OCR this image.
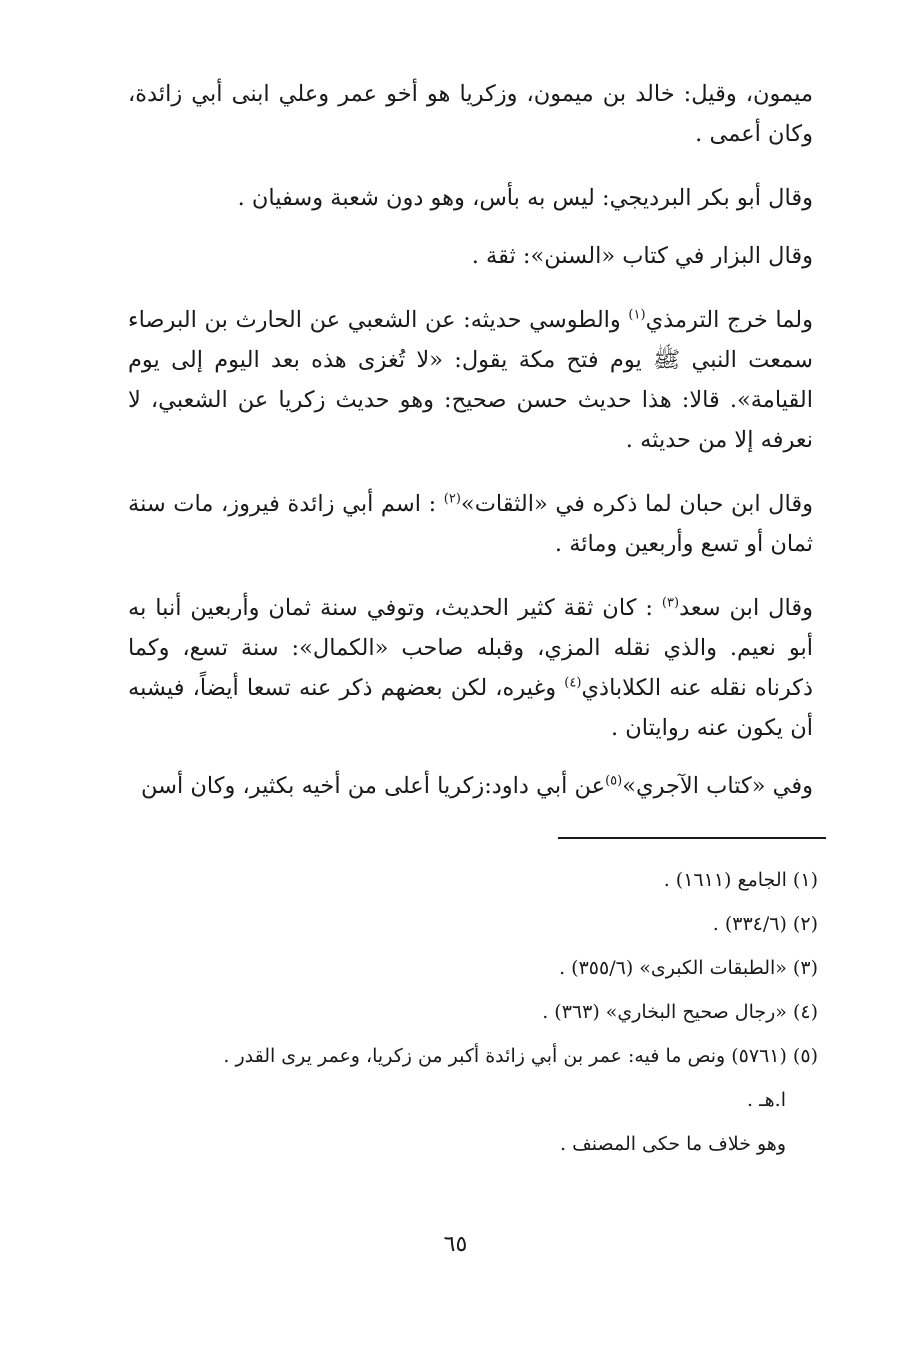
ميمون، وقيل: خالد بن ميمون، وزكريا هو أخو عمر وعلي ابنى أبي زائدة، وكان أعمى .

وقال أبو بكر البرديجي: ليس به بأس، وهو دون شعبة وسفيان .

وقال البزار في كتاب «السنن»: ثقة .

ولما خرج الترمذي$^{(١)}$ والطوسي حديثه: عن الشعبي عن الحارث بن البرصاء سمعت النبي ﷺ يوم فتح مكة يقول: «لا تُغزى هذه بعد اليوم إلى يوم القيامة». قالا: هذا حديث حسن صحيح: وهو حديث زكريا عن الشعبي، لا نعرفه إلا من حديثه .

وقال ابن حبان لما ذكره في «الثقات»$^{(٢)}$ : اسم أبي زائدة فيروز، مات سنة ثمان أو تسع وأربعين ومائة .

وقال ابن سعد$^{(٣)}$ : كان ثقة كثير الحديث، وتوفي سنة ثمان وأربعين أنبا به أبو نعيم. والذي نقله المزي، وقبله صاحب «الكمال»: سنة تسع، وكما ذكرناه نقله عنه الكلاباذي$^{(٤)}$ وغيره، لكن بعضهم ذكر عنه تسعا أيضاً، فيشبه أن يكون عنه روايتان .

وفي «كتاب الآجري»$^{(٥)}$عن أبي داود:زكريا أعلى من أخيه بكثير، وكان أسن

(١) الجامع (١٦١١) .

(٢) (٣٣٤/٦) .

(٣) «الطبقات الكبرى» (٣٥٥/٦) .

(٤) «رجال صحيح البخاري» (٣٦٣) .

(٥) (٥٧٦١) ونص ما فيه: عمر بن أبي زائدة أكبر من زكريا، وعمر يرى القدر .

ا.هـ .

وهو خلاف ما حكى المصنف .

٦٥
